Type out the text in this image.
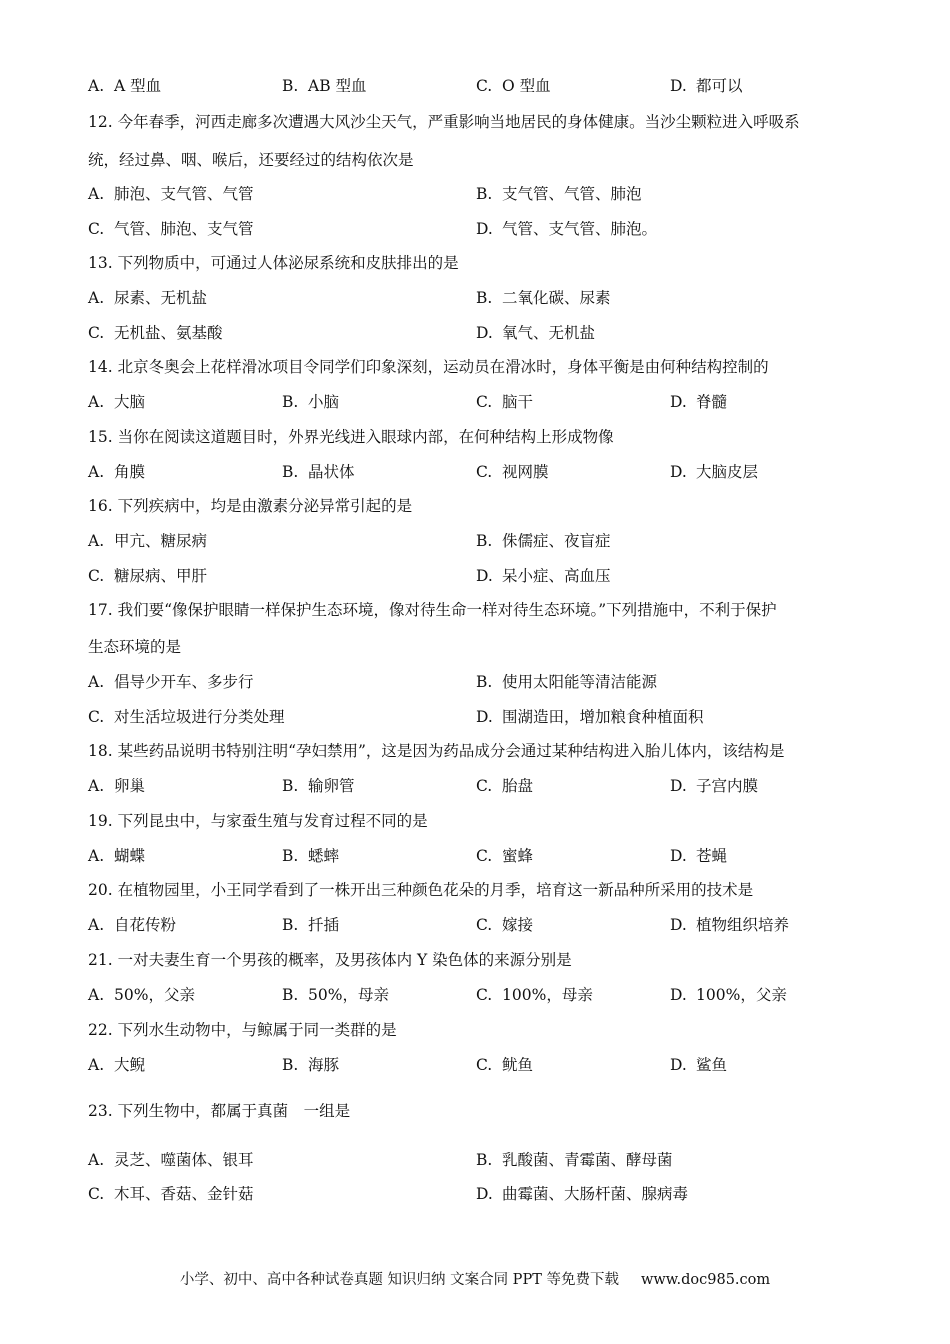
A. A 型血	B. AB 型血	C. O 型血	D. 都可以
12. 今年春季，河西走廊多次遭遇大风沙尘天气，严重影响当地居民的身体健康。当沙尘颗粒进入呼吸系
统，经过鼻、咽、喉后，还要经过的结构依次是
A. 肺泡、支气管、气管	B. 支气管、气管、肺泡
C. 气管、肺泡、支气管	D. 气管、支气管、肺泡。
13. 下列物质中，可通过人体泌尿系统和皮肤排出的是
A. 尿素、无机盐	B. 二氧化碳、尿素
C. 无机盐、氨基酸	D. 氧气、无机盐
14. 北京冬奥会上花样滑冰项目令同学们印象深刻，运动员在滑冰时，身体平衡是由何种结构控制的
A. 大脑	B. 小脑	C. 脑干	D. 脊髓
15. 当你在阅读这道题目时，外界光线进入眼球内部，在何种结构上形成物像
A. 角膜	B. 晶状体	C. 视网膜	D. 大脑皮层
16. 下列疾病中，均是由激素分泌异常引起的是
A. 甲亢、糖尿病	B. 侏儒症、夜盲症
C. 糖尿病、甲肝	D. 呆小症、高血压
17. 我们要“像保护眼睛一样保护生态环境，像对待生命一样对待生态环境。”下列措施中，不利于保护
生态环境的是
A. 倡导少开车、多步行	B. 使用太阳能等清洁能源
C. 对生活垃圾进行分类处理	D. 围湖造田，增加粮食种植面积
18. 某些药品说明书特别注明“孕妇禁用”，这是因为药品成分会通过某种结构进入胎儿体内，该结构是
A. 卵巢	B. 输卵管	C. 胎盘	D. 子宫内膜
19. 下列昆虫中，与家蚕生殖与发育过程不同的是
A. 蝴蝶	B. 蟋蟀	C. 蜜蜂	D. 苍蝇
20. 在植物园里，小王同学看到了一株开出三种颜色花朵的月季，培育这一新品种所采用的技术是
A. 自花传粉	B. 扦插	C. 嫁接	D. 植物组织培养
21. 一对夫妻生育一个男孩的概率，及男孩体内 Y 染色体的来源分别是
A. 50%，父亲	B. 50%，母亲	C. 100%，母亲	D. 100%，父亲
22. 下列水生动物中，与鲸属于同一类群的是
A. 大鲵	B. 海豚	C. 鱿鱼	D. 鲨鱼
23. 下列生物中，都属于真菌　一组是
A. 灵芝、噬菌体、银耳	B. 乳酸菌、青霉菌、酵母菌
C. 木耳、香菇、金针菇	D. 曲霉菌、大肠杆菌、腺病毒
小学、初中、高中各种试卷真题 知识归纳 文案合同 PPT 等免费下载 www.doc985.com
